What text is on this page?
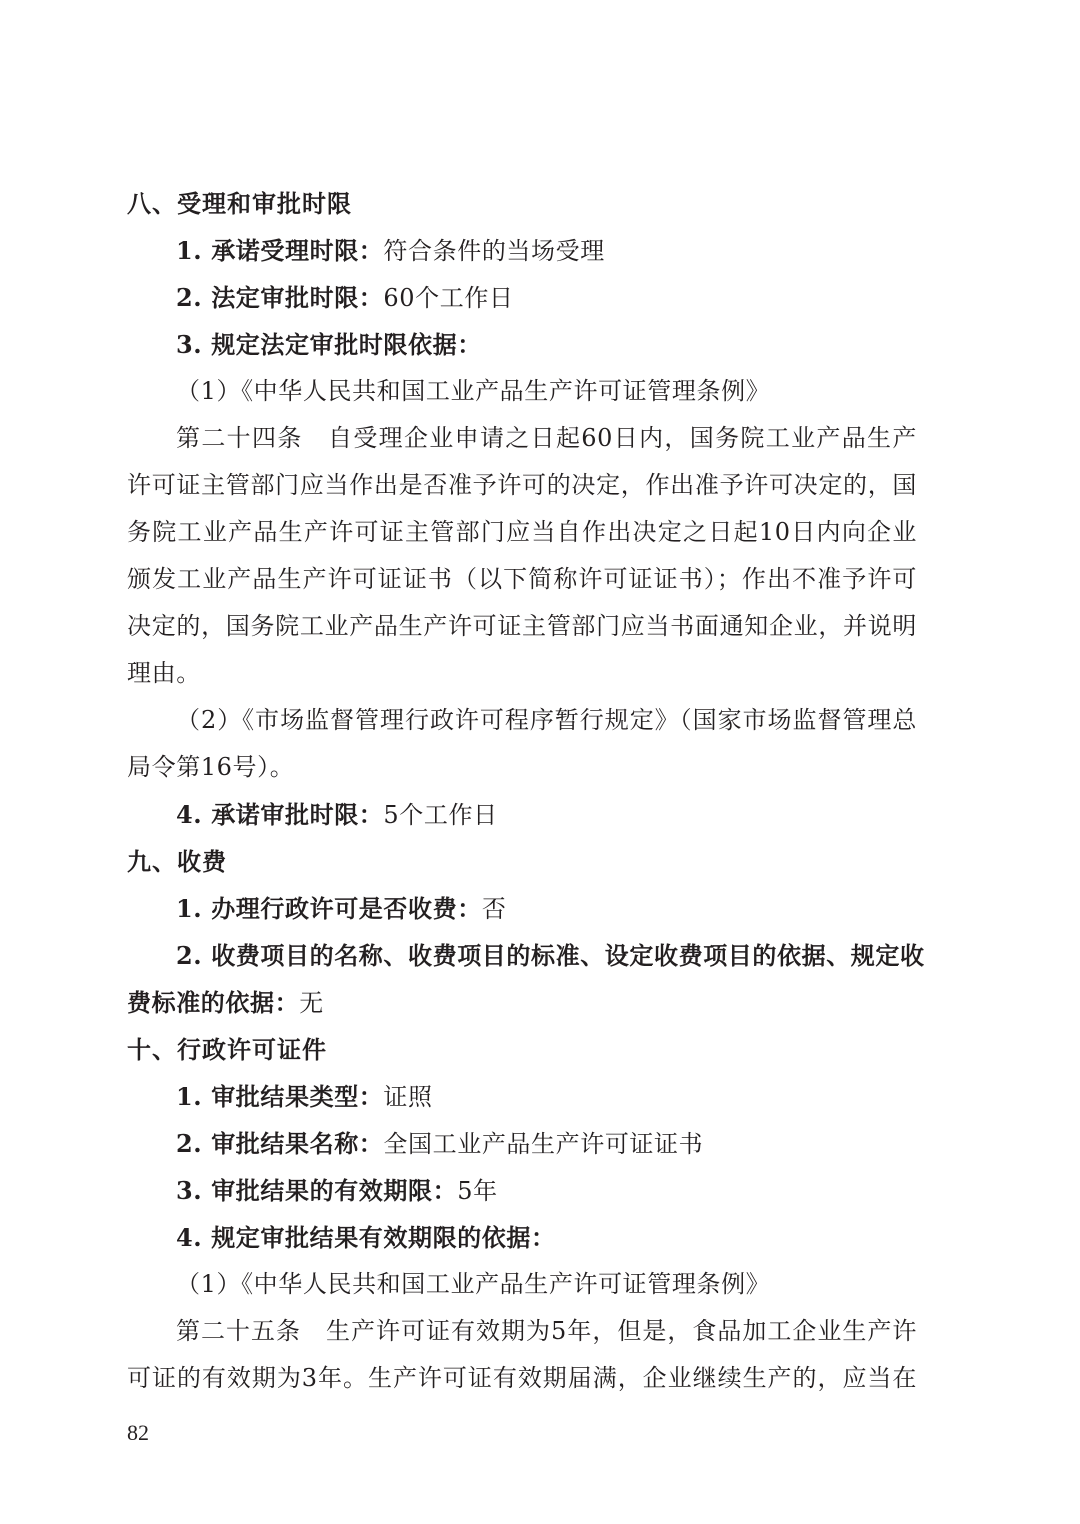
八、受理和审批时限
1. 承诺受理时限：符合条件的当场受理
2. 法定审批时限：60个工作日
3. 规定法定审批时限依据：
（1）《中华人民共和国工业产品生产许可证管理条例》
第二十四条　自受理企业申请之日起60日内，国务院工业产品生产
许可证主管部门应当作出是否准予许可的决定，作出准予许可决定的，国
务院工业产品生产许可证主管部门应当自作出决定之日起10日内向企业
颁发工业产品生产许可证证书（以下简称许可证证书）；作出不准予许可
决定的，国务院工业产品生产许可证主管部门应当书面通知企业，并说明
理由。
（2）《市场监督管理行政许可程序暂行规定》（国家市场监督管理总
局令第16号）。
4. 承诺审批时限：5个工作日
九、收费
1. 办理行政许可是否收费：否
2. 收费项目的名称、收费项目的标准、设定收费项目的依据、规定收
费标准的依据：无
十、行政许可证件
1. 审批结果类型：证照
2. 审批结果名称：全国工业产品生产许可证证书
3. 审批结果的有效期限：5年
4. 规定审批结果有效期限的依据：
（1）《中华人民共和国工业产品生产许可证管理条例》
第二十五条　生产许可证有效期为5年，但是，食品加工企业生产许
可证的有效期为3年。生产许可证有效期届满，企业继续生产的，应当在
82
